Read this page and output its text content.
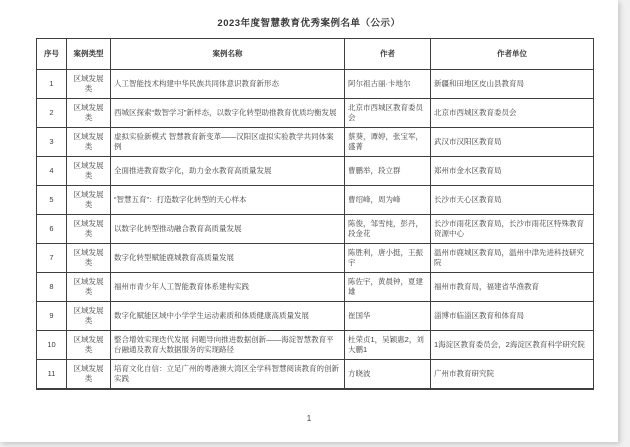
2023年度智慧教育优秀案例名单（公示）
序号	案例类型	案例名称	作者	作者单位
1	区域发展类	人工智能技术构建中华民族共同体意识教育新形态	阿尔祖古丽·卡地尔	新疆和田地区皮山县教育局
2	区域发展类	西城区探索“数智学习”新样态，以数字化转型助推教育优质均衡发展	北京市西城区教育委员会	北京市西城区教育委员会
3	区域发展类	虚拟实验新模式 智慧教育新变革——汉阳区虚拟实验教学共同体案例	蔡葵，谭婷，张宝军，盛菁	武汉市汉阳区教育局
4	区域发展类	全面推进教育数字化，助力金水教育高质量发展	曹鹏举，段立群	郑州市金水区教育局
5	区域发展类	“智慧五育”：打造数字化转型的天心样本	曹绍峰，周为峰	长沙市天心区教育局
6	区域发展类	以数字化转型推动融合教育高质量发展	陈俊，邹雪纯，彭丹，段金花	长沙市雨花区教育局，长沙市雨花区特殊教育资源中心
7	区域发展类	数字化转型赋能鹿城教育高质量发展	陈胜利，唐小挺，王振宇	温州市鹿城区教育局，温州中津先进科技研究院
8	区域发展类	福州市青少年人工智能教育体系建构实践	陈佐宇，黄晨钟，夏建雄	福州市教育局，福建省华渔教育
9	区域发展类	数字化赋能区域中小学学生运动素质和体质健康高质量发展	崔国华	淄博市临淄区教育和体育局
10	区域发展类	整合增效实现迭代发展 问题导向推进数据创新——海淀智慧教育平台融通及教育大数据服务的实现路径	杜荣贞1，吴颖惠2，刘大鹏1	1海淀区教育委员会，2海淀区教育科学研究院
11	区域发展类	培育文化自信：立足广州的粤港澳大湾区全学科智慧阅读教育的创新实践	方晓波	广州市教育研究院
1
